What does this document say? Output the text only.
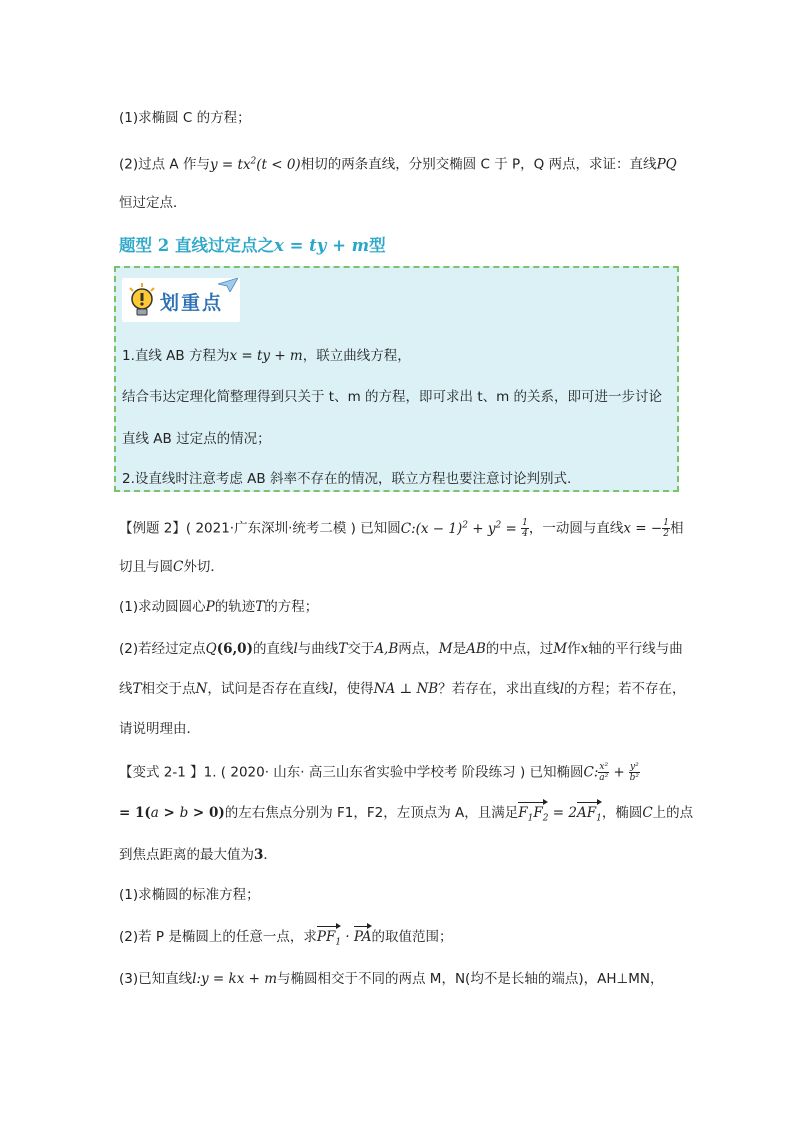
(1)求椭圆 C 的方程；
(2)过点 A 作与$y = tx^2(t < 0)$相切的两条直线，分别交椭圆 C 于 P，Q 两点，求证：直线PQ
恒过定点．
题型 2 直线过定点之x = ty + m型
划重点
1.直线 AB 方程为x = ty + m，联立曲线方程，
结合韦达定理化简整理得到只关于 t、m 的方程，即可求出 t、m 的关系，即可进一步讨论
直线 AB 过定点的情况；
2.设直线时注意考虑 AB 斜率不存在的情况，联立方程也要注意讨论判别式.
【例题 2】( 2021·广东深圳·统考二模 ) 已知圆C:(x − $1)^2 + y^2 = \frac{1}{4}$ ，一动圆与直线x = − $\frac{1}{2}$ 相
切且与圆C外切．
(1)求动圆圆心P的轨迹T的方程；
(2)若经过定点Q(6,0)的直线l与曲线T交于A,B两点，M是AB的中点，过M作x轴的平行线与曲
线T相交于点N，试问是否存在直线l，使得NA ⊥ NB？若存在，求出直线l的方程；若不存在，
请说明理由．
【变式 2-1 】1. ( 2020· 山东· 高三山东省实验中学校考 阶段练习 ) 已知椭圆C: $\frac{\text{x²}}{\text{a²}} + \frac{\text{y²}}{\text{b²}}$
= 1(a > b > 0)的左右焦点分别为 F1，F2，左顶点为 A，且满足$F_1F_2 = 2AF_1$，椭圆C上的点
到焦点距离的最大值为3．
(1)求椭圆的标准方程；
(2)若 P 是椭圆上的任意一点，求$PF_1$ · PA的取值范围；
(3)已知直线l:y = kx + m与椭圆相交于不同的两点 M，N(均不是长轴的端点)，AH⊥MN，
